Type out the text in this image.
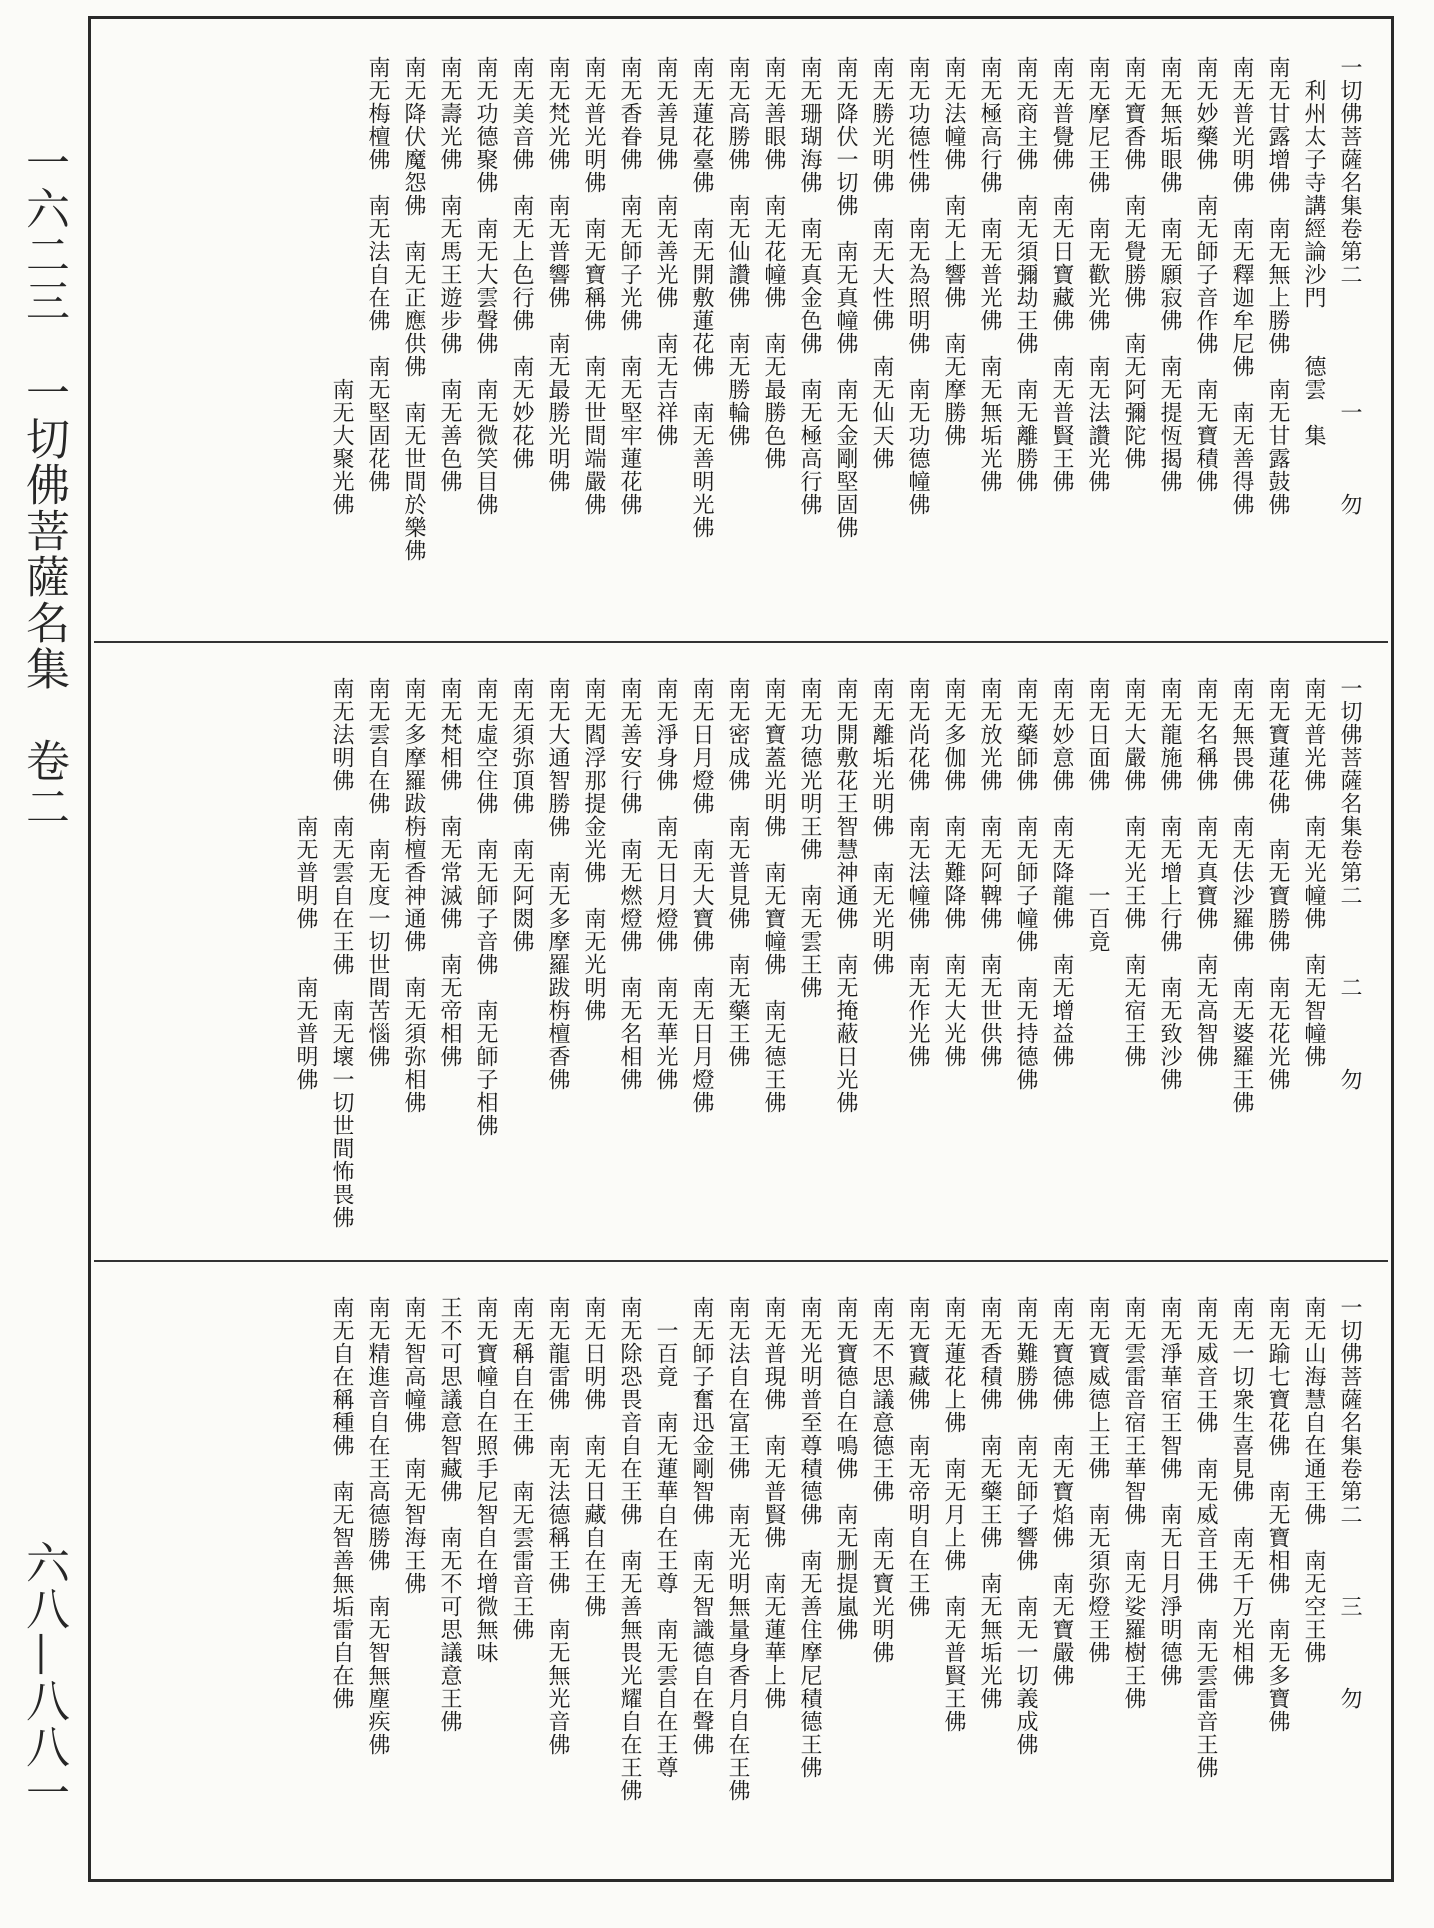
一六二三　一切佛菩薩名集　卷二
六八—八八一
一切佛菩薩名集卷第二　　　　　一　　　勿
　利州太子寺講經論沙門　　德雲　集
南无甘露增佛　南无無上勝佛　南无甘露鼓佛
南无普光明佛　南无釋迦牟尼佛　南无善得佛
南无妙藥佛　南无師子音作佛　南无寶積佛
南无無垢眼佛　南无願寂佛　南无提恆揭佛
南无寶香佛　南无覺勝佛　南无阿彌陀佛
南无摩尼王佛　南无歡光佛　南无法讚光佛
南无普覺佛　南无日寶藏佛　南无普賢王佛
南无商主佛　南无須彌劫王佛　南无離勝佛
南无極高行佛　南无普光佛　南无無垢光佛
南无法幢佛　南无上響佛　南无摩勝佛
南无功德性佛　南无為照明佛　南无功德幢佛
南无勝光明佛　南无大性佛　南无仙天佛
南无降伏一切佛　南无真幢佛　南无金剛堅固佛
南无珊瑚海佛　南无真金色佛　南无極高行佛
南无善眼佛　南无花幢佛　南无最勝色佛
南无高勝佛　南无仙讚佛　南无勝輪佛
南无蓮花臺佛　南无開敷蓮花佛　南无善明光佛
南无善見佛　南无善光佛　南无吉祥佛
南无香眷佛　南无師子光佛　南无堅牢蓮花佛
南无普光明佛　南无寶稱佛　南无世間端嚴佛
南无梵光佛　南无普響佛　南无最勝光明佛
南无美音佛　南无上色行佛　南无妙花佛
南无功德聚佛　南无大雲聲佛　南无微笑目佛
南无壽光佛　南无馬王遊步佛　南无善色佛
南无降伏魔怨佛　南无正應供佛　南无世間於樂佛
南无梅檀佛　南无法自在佛　南无堅固花佛
　　　　　　　　　　　　　　南无大聚光佛
一切佛菩薩名集卷第二　　　二　　　勿
南无普光佛　南无光幢佛　南无智幢佛
南无寶蓮花佛　南无寶勝佛　南无花光佛
南无無畏佛　南无佉沙羅佛　南无婆羅王佛
南无名稱佛　南无真寶佛　南无高智佛
南无龍施佛　南无增上行佛　南无致沙佛
南无大嚴佛　南无光王佛　南无宿王佛
南无日面佛　　　　一百竟
南无妙意佛　南无降龍佛　南无增益佛
南无藥師佛　南无師子幢佛　南无持德佛
南无放光佛　南无阿鞞佛　南无世供佛
南无多伽佛　南无難降佛　南无大光佛
南无尚花佛　南无法幢佛　南无作光佛
南无離垢光明佛　南无光明佛
南无開敷花王智慧神通佛　南无掩蔽日光佛
南无功德光明王佛　南无雲王佛
南无寶蓋光明佛　南无寶幢佛　南无德王佛
南无密成佛　南无普見佛　南无藥王佛
南无日月燈佛　南无大寶佛　南无日月燈佛
南无淨身佛　南无日月燈佛　南无華光佛
南无善安行佛　南无燃燈佛　南无名相佛
南无閻浮那提金光佛　南无光明佛
南无大通智勝佛　南无多摩羅跋栴檀香佛
南无須弥頂佛　南无阿閦佛
南无虛空住佛　南无師子音佛　南无師子相佛
南无梵相佛　南无常滅佛　南无帝相佛
南无多摩羅跋栴檀香神通佛　南无須弥相佛
南无雲自在佛　南无度一切世間苦惱佛
南无法明佛　南无雲自在王佛　南无壞一切世間怖畏佛
　　　　　　南无普明佛　　南无普明佛
一切佛菩薩名集卷第二　　　三　　　勿
南无山海慧自在通王佛　南无空王佛
南无踰七寶花佛　南无寶相佛　南无多寶佛
南无一切衆生喜見佛　南无千万光相佛
南无威音王佛　南无威音王佛　南无雲雷音王佛
南无淨華宿王智佛　南无日月淨明德佛
南无雲雷音宿王華智佛　南无娑羅樹王佛
南无寶威德上王佛　南无須弥燈王佛
南无寶德佛　南无寶焰佛　南无寶嚴佛
南无難勝佛　南无師子響佛　南无一切義成佛
南无香積佛　南无藥王佛　南无無垢光佛
南无蓮花上佛　南无月上佛　南无普賢王佛
南无寶藏佛　南无帝明自在王佛
南无不思議意德王佛　南无寶光明佛
南无寶德自在鳴佛　南无删提嵐佛
南无光明普至尊積德佛　南无善住摩尼積德王佛
南无普現佛　南无普賢佛　南无蓮華上佛
南无法自在富王佛　南无光明無量身香月自在王佛
南无師子奮迅金剛智佛　南无智識德自在聲佛
　一百竟　南无蓮華自在王尊　南无雲自在王尊
南无除恐畏音自在王佛　南无善無畏光耀自在王佛
南无日明佛　南无日藏自在王佛
南无龍雷佛　南无法德稱王佛　南无無光音佛
南无稱自在王佛　南无雲雷音王佛
南无寶幢自在照手尼智自在增微無味
王不可思議意智藏佛　南无不可思議意王佛
南无智高幢佛　南无智海王佛
南无精進音自在王高德勝佛　南无智無塵疾佛
南无自在稱種佛　南无智善無垢雷自在佛
